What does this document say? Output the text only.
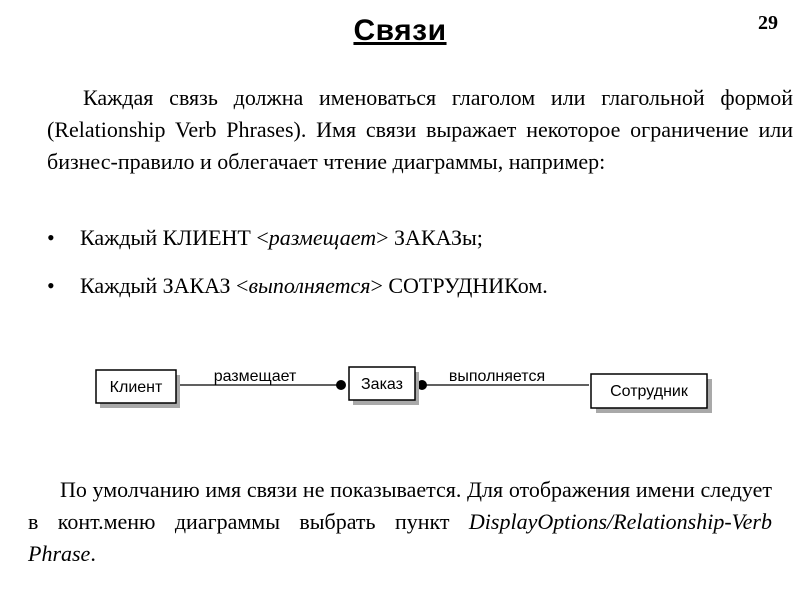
Связи	29
Каждая связь должна именоваться глаголом или глагольной формой (Relationship Verb Phrases). Имя связи выражает некоторое ограничение или бизнес-правило и облегачает чтение диаграммы, например:
• Каждый КЛИЕНТ <размещает> ЗАКАЗы;
• Каждый ЗАКАЗ <выполняется> СОТРУДНИКом.
Клиент	Заказ	Сотрудник
размещает	выполняется
По умолчанию имя связи не показывается. Для отображения имени следует в конт.меню диаграммы выбрать пункт DisplayOptions/Relationship-Verb Phrase.
